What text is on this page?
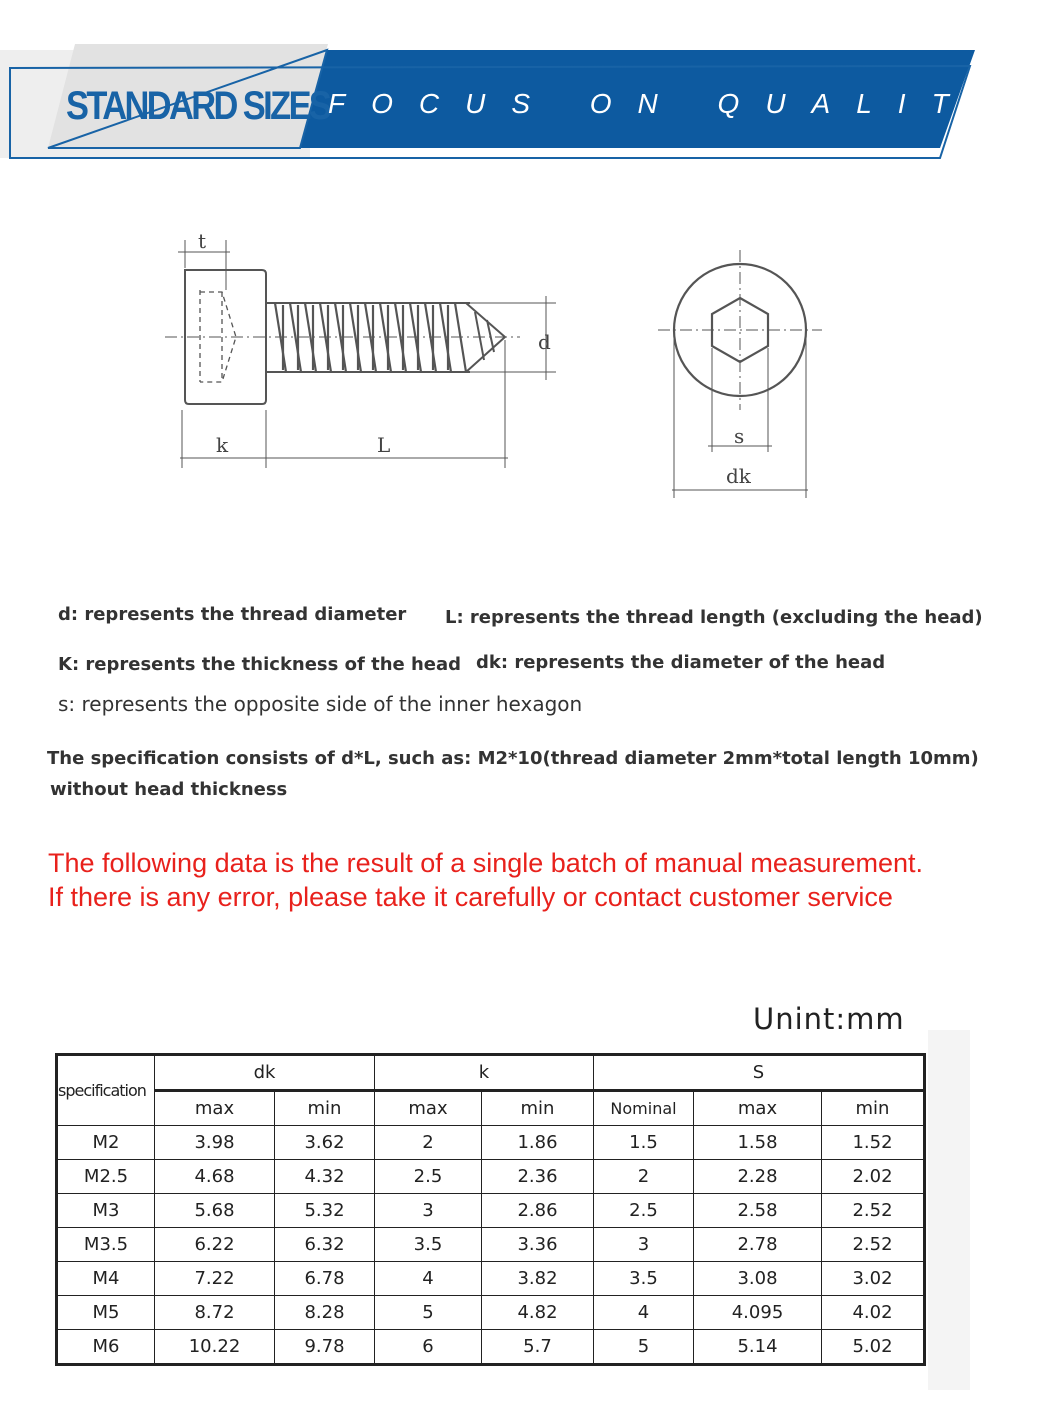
STANDARD SIZES
FOCUS ON QUALITYE
t
d
k	L	s
dk
d: represents the thread diameter L: represents the thread length (excluding the head)
K: represents the thickness of the head dk: represents the diameter of the head
s: represents the opposite side of the inner hexagon
The specification consists of d*L, such as: M2*10(thread diameter 2mm*total length 10mm)
without head thickness
The following data is the result of a single batch of manual measurement.
If there is any error, please take it carefully or contact customer service
Unint:mm
specification	dk		k		S		
	max	min	max	min	Nominal	max	min
M2	3.98	3.62	2	1.86	1.5	1.58	1.52
M2.5	4.68	4.32	2.5	2.36	2	2.28	2.02
M3	5.68	5.32	3	2.86	2.5	2.58	2.52
M3.5	6.22	6.32	3.5	3.36	3	2.78	2.52
M4	7.22	6.78	4	3.82	3.5	3.08	3.02
M5	8.72	8.28	5	4.82	4	4.095	4.02
M6	10.22	9.78	6	5.7	5	5.14	5.02
